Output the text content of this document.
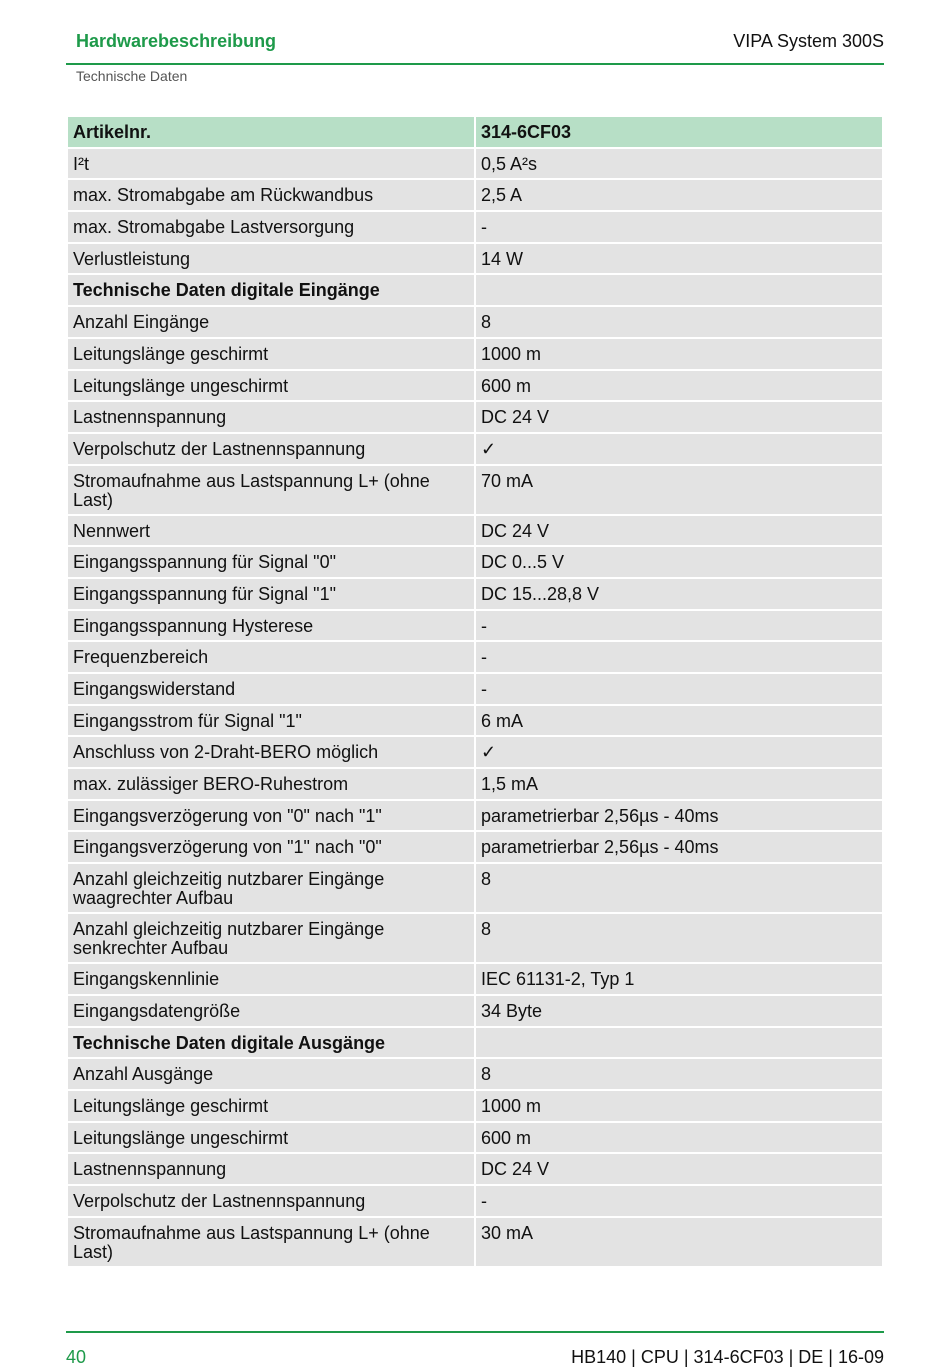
Hardwarebeschreibung	VIPA System 300S
Technische Daten
Artikelnr.	314-6CF03
I²t	0,5 A²s
max. Stromabgabe am Rückwandbus	2,5 A
max. Stromabgabe Lastversorgung	-
Verlustleistung	14 W
Technische Daten digitale Eingänge	
Anzahl Eingänge	8
Leitungslänge geschirmt	1000 m
Leitungslänge ungeschirmt	600 m
Lastnennspannung	DC 24 V
Verpolschutz der Lastnennspannung	✓
Stromaufnahme aus Lastspannung L+ (ohne Last)	70 mA
Nennwert	DC 24 V
Eingangsspannung für Signal "0"	DC 0...5 V
Eingangsspannung für Signal "1"	DC 15...28,8 V
Eingangsspannung Hysterese	-
Frequenzbereich	-
Eingangswiderstand	-
Eingangsstrom für Signal "1"	6 mA
Anschluss von 2-Draht-BERO möglich	✓
max. zulässiger BERO-Ruhestrom	1,5 mA
Eingangsverzögerung von "0" nach "1"	parametrierbar 2,56µs - 40ms
Eingangsverzögerung von "1" nach "0"	parametrierbar 2,56µs - 40ms
Anzahl gleichzeitig nutzbarer Eingänge waagrechter Aufbau	8
Anzahl gleichzeitig nutzbarer Eingänge senkrechter Aufbau	8
Eingangskennlinie	IEC 61131-2, Typ 1
Eingangsdatengröße	34 Byte
Technische Daten digitale Ausgänge	
Anzahl Ausgänge	8
Leitungslänge geschirmt	1000 m
Leitungslänge ungeschirmt	600 m
Lastnennspannung	DC 24 V
Verpolschutz der Lastnennspannung	-
Stromaufnahme aus Lastspannung L+ (ohne Last)	30 mA
40	HB140 | CPU | 314-6CF03 | DE | 16-09
